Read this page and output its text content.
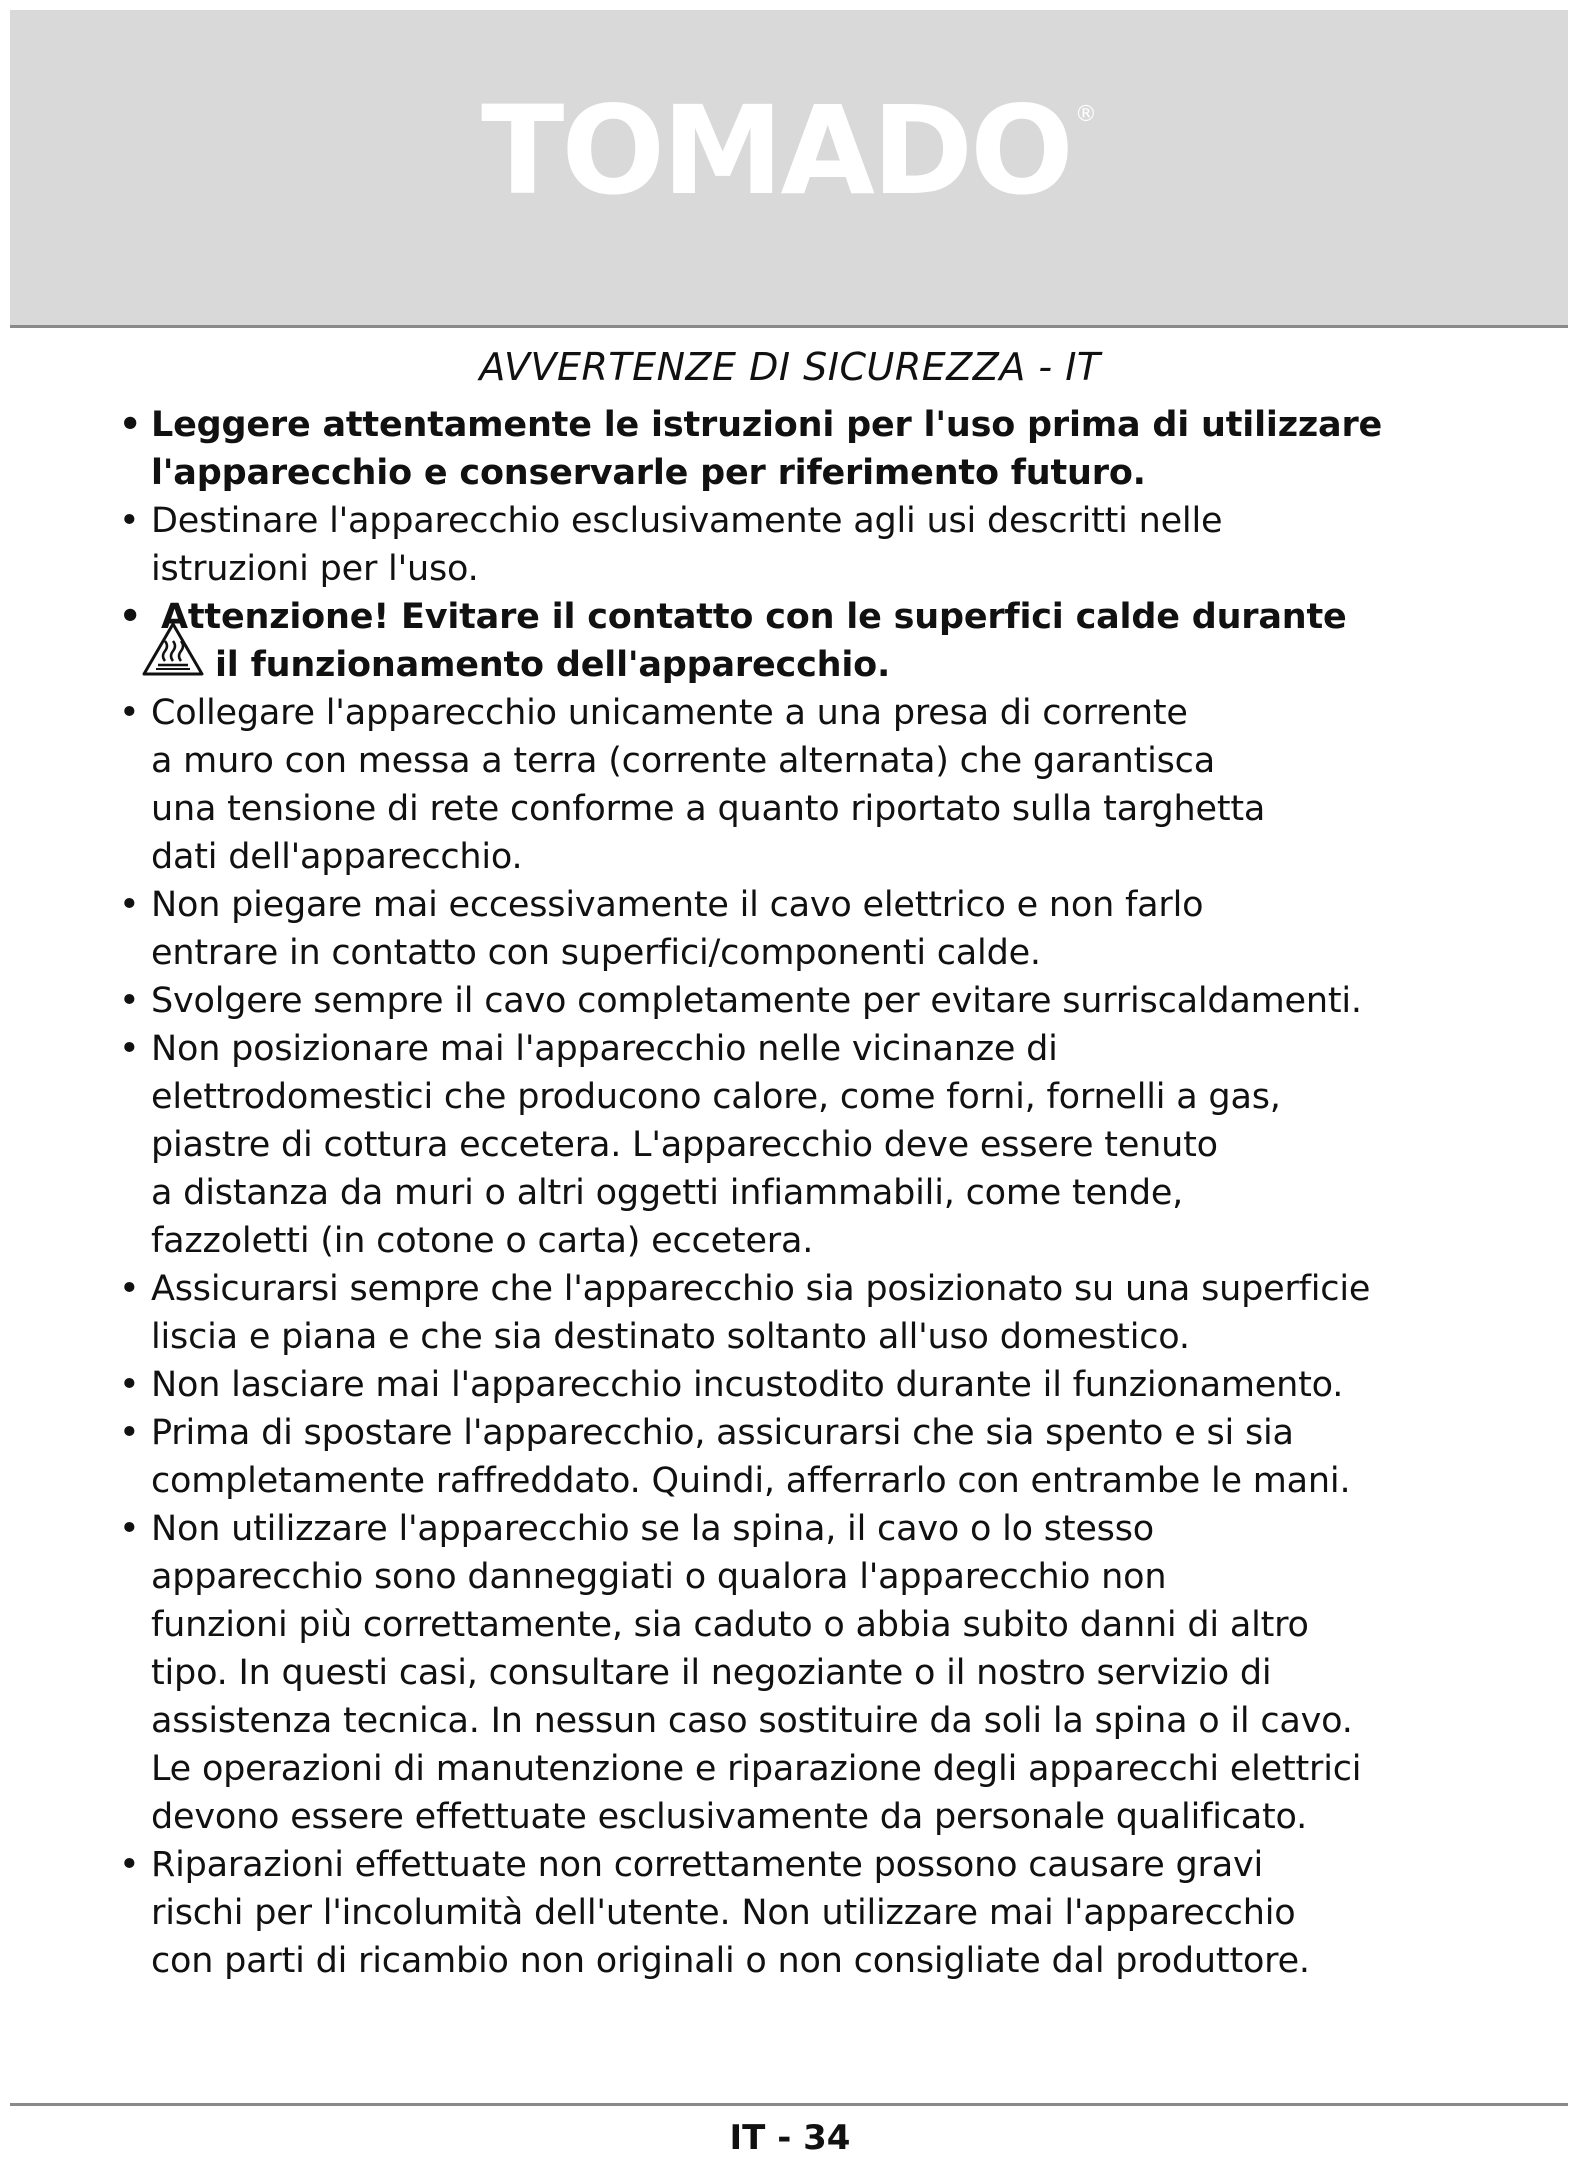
TOMADO ®
AVVERTENZE DI SICUREZZA - IT
• Leggere attentamente le istruzioni per l'uso prima di utilizzare
l'apparecchio e conservarle per riferimento futuro.
• Destinare l'apparecchio esclusivamente agli usi descritti nelle
istruzioni per l'uso.
• Attenzione! Evitare il contatto con le superfici calde durante
il funzionamento dell'apparecchio.
• Collegare l'apparecchio unicamente a una presa di corrente
a muro con messa a terra (corrente alternata) che garantisca
una tensione di rete conforme a quanto riportato sulla targhetta
dati dell'apparecchio.
• Non piegare mai eccessivamente il cavo elettrico e non farlo
entrare in contatto con superfici/componenti calde.
• Svolgere sempre il cavo completamente per evitare surriscaldamenti.
• Non posizionare mai l'apparecchio nelle vicinanze di
elettrodomestici che producono calore, come forni, fornelli a gas,
piastre di cottura eccetera. L'apparecchio deve essere tenuto
a distanza da muri o altri oggetti infiammabili, come tende,
fazzoletti (in cotone o carta) eccetera.
• Assicurarsi sempre che l'apparecchio sia posizionato su una superficie
liscia e piana e che sia destinato soltanto all'uso domestico.
• Non lasciare mai l'apparecchio incustodito durante il funzionamento.
• Prima di spostare l'apparecchio, assicurarsi che sia spento e si sia
completamente raffreddato. Quindi, afferrarlo con entrambe le mani.
• Non utilizzare l'apparecchio se la spina, il cavo o lo stesso
apparecchio sono danneggiati o qualora l'apparecchio non
funzioni più correttamente, sia caduto o abbia subito danni di altro
tipo. In questi casi, consultare il negoziante o il nostro servizio di
assistenza tecnica. In nessun caso sostituire da soli la spina o il cavo.
Le operazioni di manutenzione e riparazione degli apparecchi elettrici
devono essere effettuate esclusivamente da personale qualificato.
• Riparazioni effettuate non correttamente possono causare gravi
rischi per l'incolumità dell'utente. Non utilizzare mai l'apparecchio
con parti di ricambio non originali o non consigliate dal produttore.
IT - 34
